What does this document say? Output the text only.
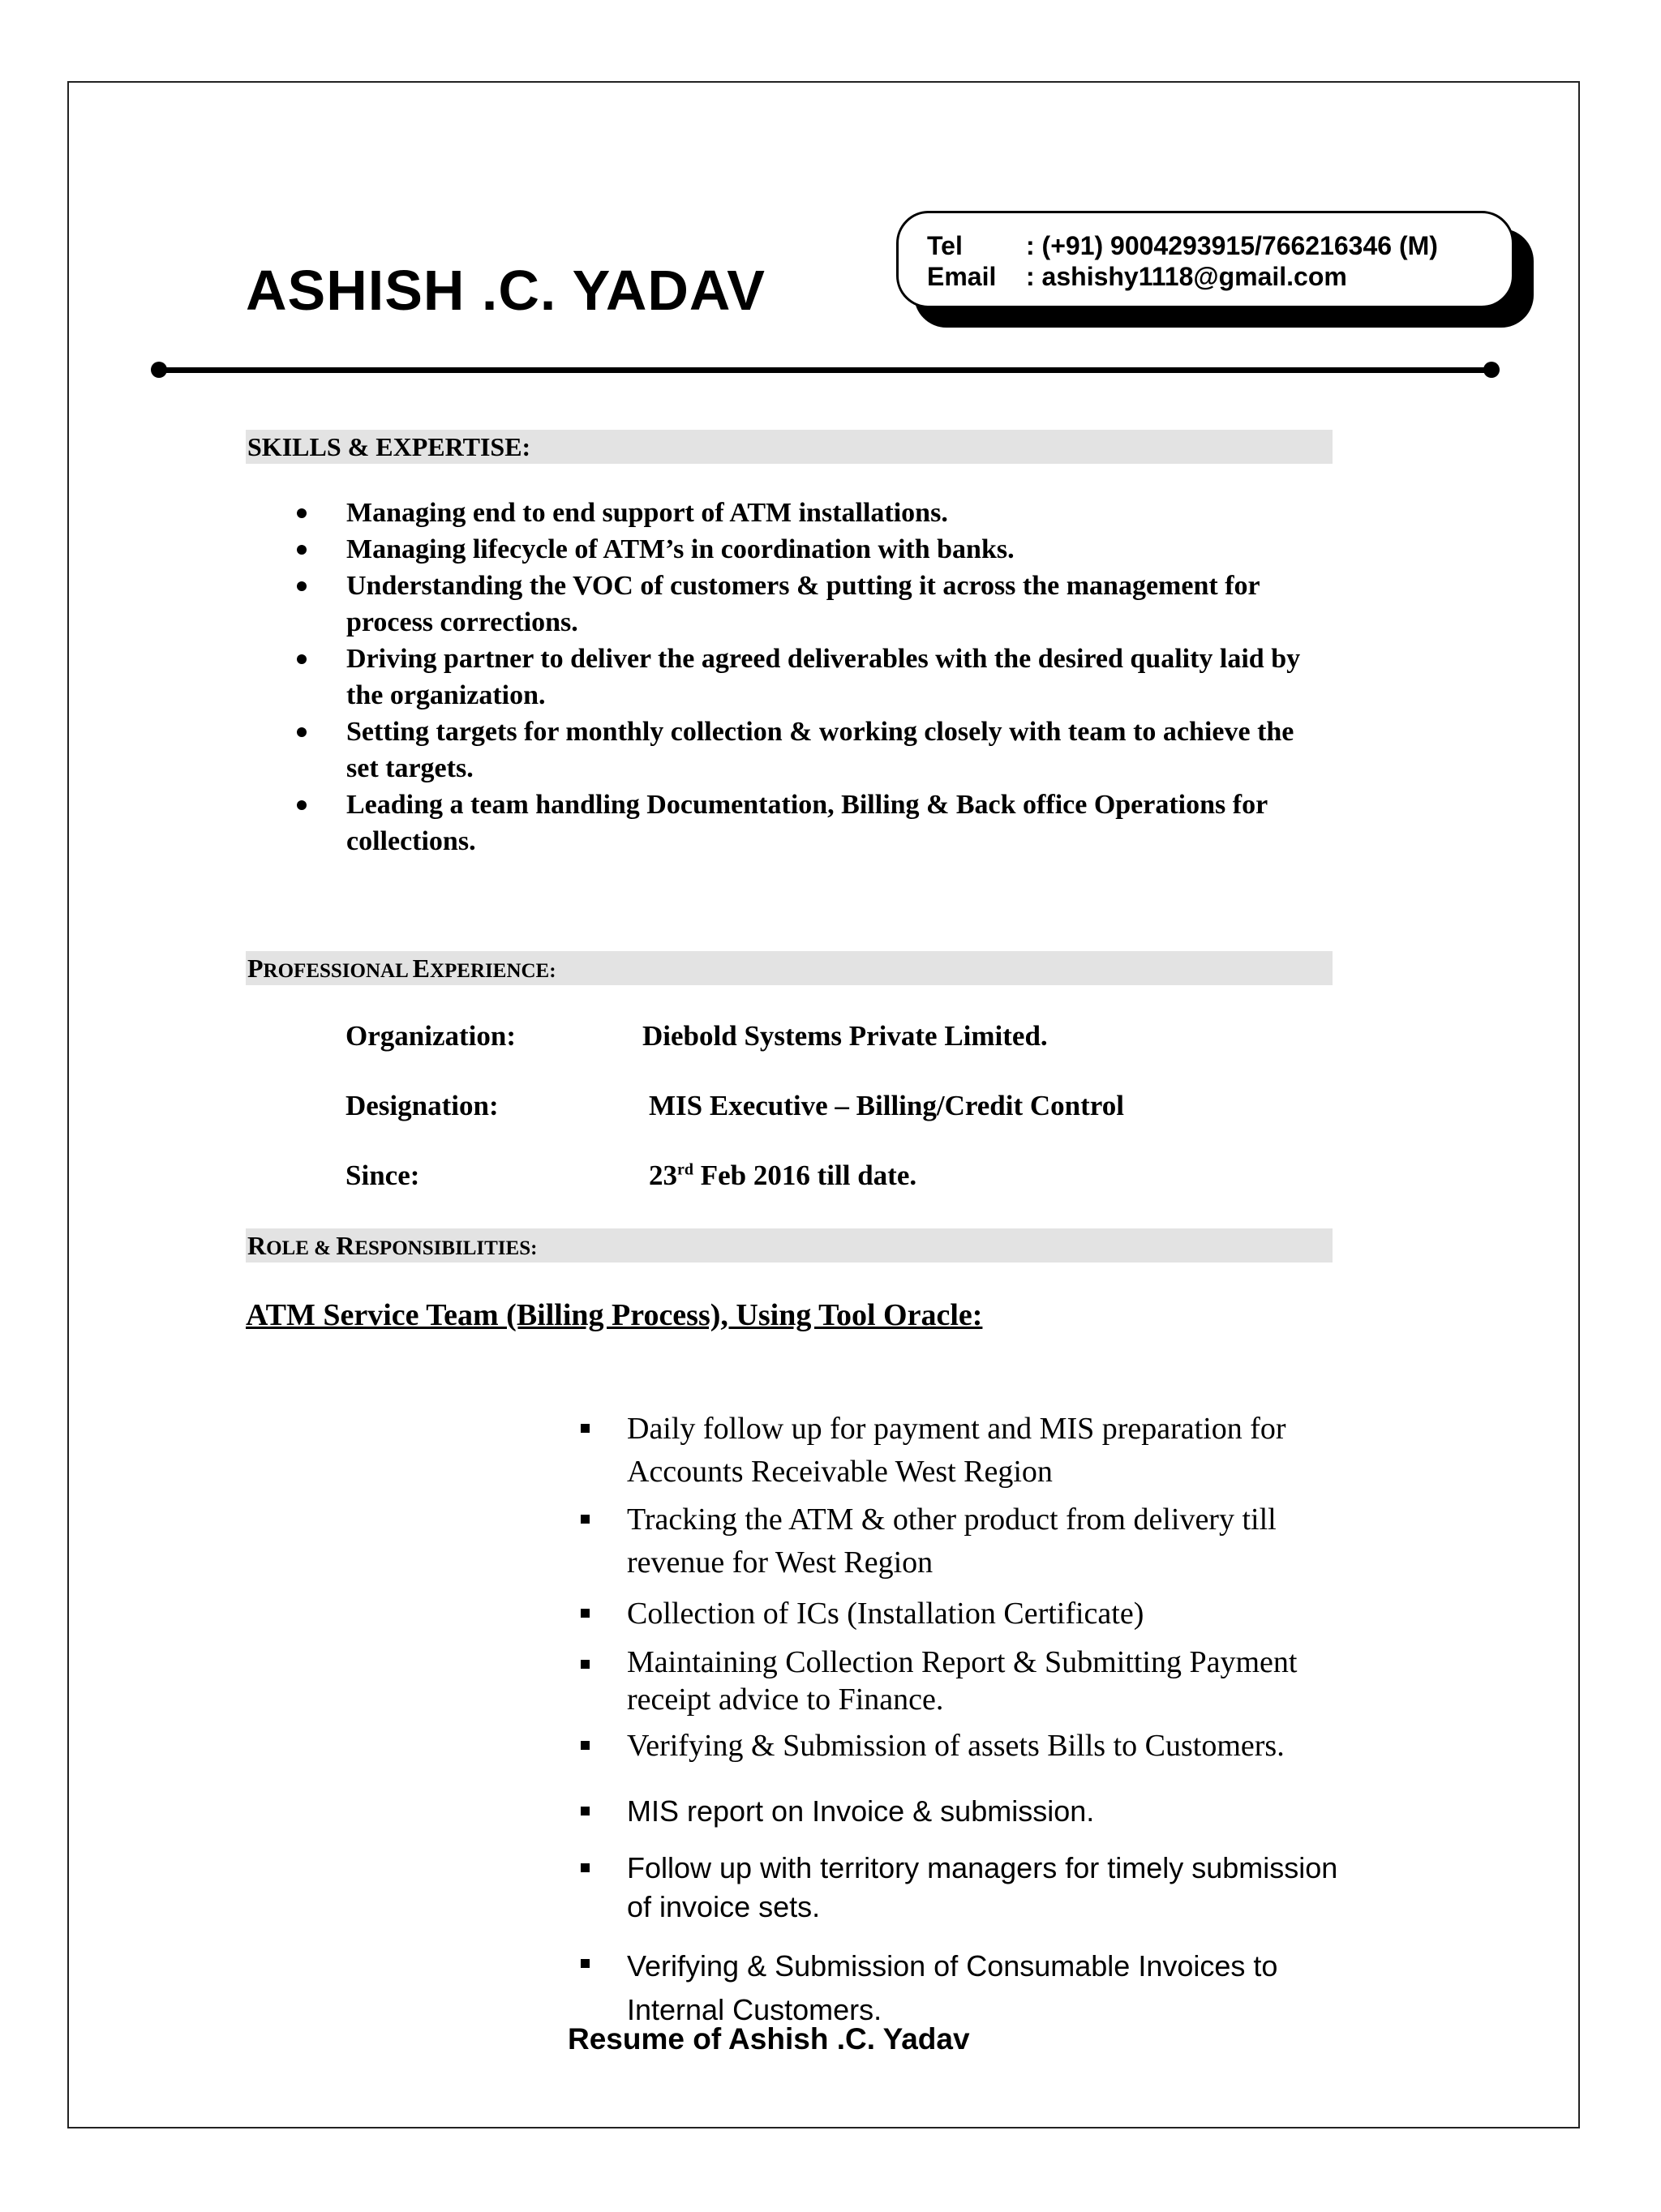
ASHISH .C. YADAV
Tel	: (+91) 9004293915/766216346 (M)
Email	: ashishy1118@gmail.com
SKILLS & EXPERTISE:
Managing end to end support of ATM installations.
Managing lifecycle of ATM’s in coordination with banks.
Understanding the VOC of customers & putting it across the management for process corrections.
Driving partner to deliver the agreed deliverables with the desired quality laid by the organization.
Setting targets for monthly collection & working closely with team to achieve the set targets.
Leading a team handling Documentation, Billing & Back office Operations for collections.
PROFESSIONAL EXPERIENCE:
Organization:	Diebold Systems Private Limited.
Designation:	MIS Executive – Billing/Credit Control
Since:	23rd Feb 2016 till date.
ROLE & RESPONSIBILITIES:
ATM Service Team (Billing Process), Using Tool Oracle:
Daily follow up for payment and MIS preparation for Accounts Receivable West Region
Tracking the ATM & other product from delivery till revenue for West Region
Collection of ICs (Installation Certificate)
Maintaining Collection Report & Submitting Payment receipt advice to Finance.
Verifying & Submission of assets Bills to Customers.
MIS report on Invoice & submission.
Follow up with territory managers for timely submission of invoice sets.
Verifying & Submission of Consumable Invoices to Internal Customers.
Resume of Ashish .C. Yadav
